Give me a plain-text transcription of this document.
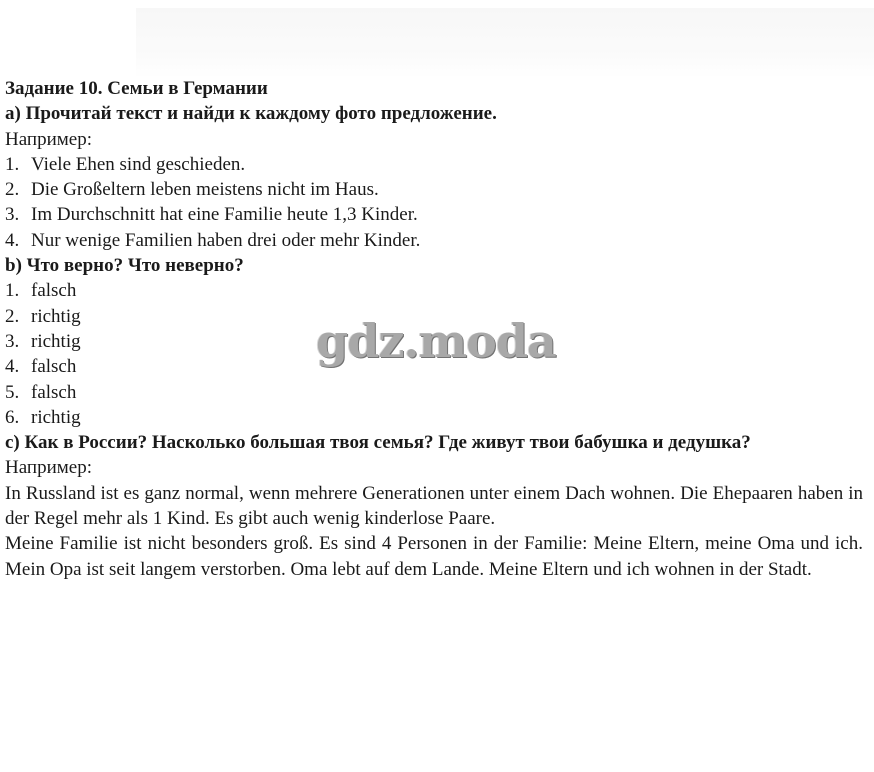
Задание 10. Семьи в Германии
a) Прочитай текст и найди к каждому фото предложение.
Например:
1. Viele Ehen sind geschieden.
2. Die Großeltern leben meistens nicht im Haus.
3. Im Durchschnitt hat eine Familie heute 1,3 Kinder.
4. Nur wenige Familien haben drei oder mehr Kinder.
b) Что верно? Что неверно?
1. falsch
2. richtig
3. richtig
4. falsch
5. falsch
6. richtig
c) Как в России? Насколько большая твоя семья? Где живут твои бабушка и дедушка?
Например:
In Russland ist es ganz normal, wenn mehrere Generationen unter einem Dach wohnen. Die Ehepaaren haben in der Regel mehr als 1 Kind. Es gibt auch wenig kinderlose Paare.
Meine Familie ist nicht besonders groß. Es sind 4 Personen in der Familie: Meine Eltern, meine Oma und ich. Mein Opa ist seit langem verstorben. Oma lebt auf dem Lande. Meine Eltern und ich wohnen in der Stadt.
gdz.moda
